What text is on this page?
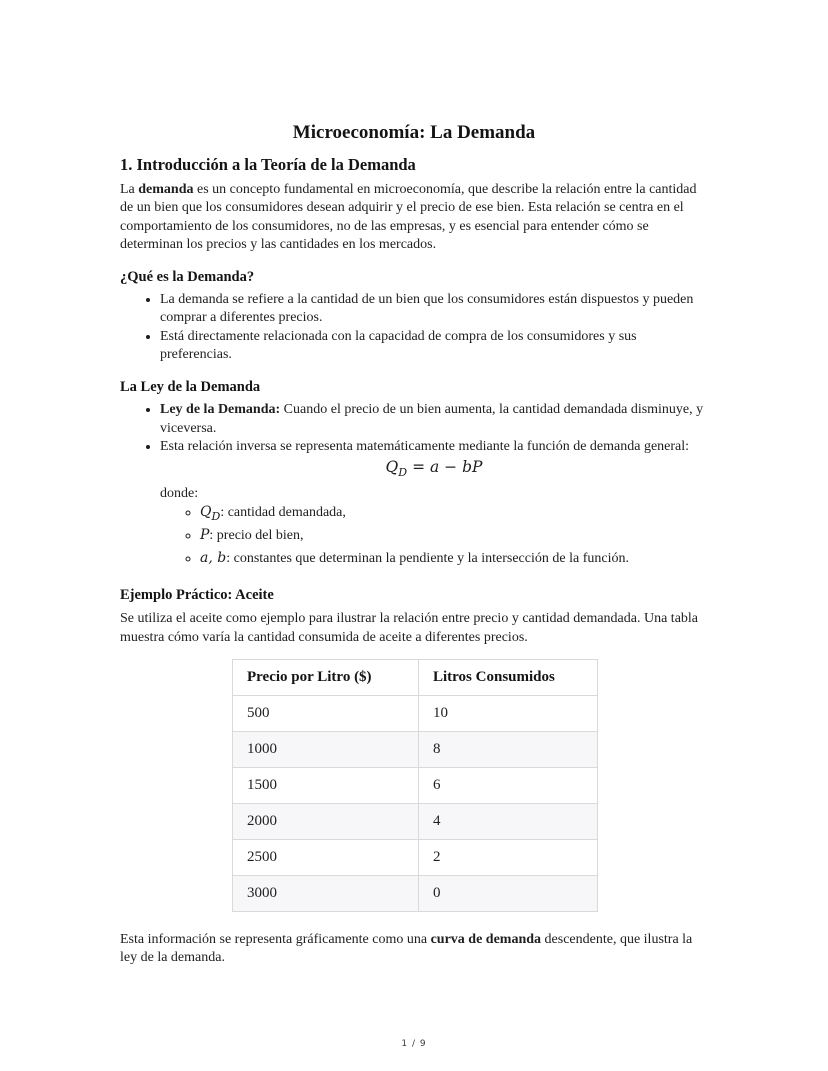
Microeconomía: La Demanda
1. Introducción a la Teoría de la Demanda

La demanda es un concepto fundamental en microeconomía, que describe la relación entre la cantidad de un bien que los consumidores desean adquirir y el precio de ese bien. Esta relación se centra en el comportamiento de los consumidores, no de las empresas, y es esencial para entender cómo se determinan los precios y las cantidades en los mercados.

¿Qué es la Demanda?
• La demanda se refiere a la cantidad de un bien que los consumidores están dispuestos y pueden comprar a diferentes precios.
• Está directamente relacionada con la capacidad de compra de los consumidores y sus preferencias.
La Ley de la Demanda
• Ley de la Demanda: Cuando el precio de un bien aumenta, la cantidad demandada disminuye, y viceversa.
• Esta relación inversa se representa matemáticamente mediante la función de demanda general:
$Q_D = a$ − bP
donde:
◦ $Q_D$: cantidad demandada,
◦ P: precio del bien,
◦ a, b: constantes que determinan la pendiente y la intersección de la función.
Ejemplo Práctico: Aceite

Se utiliza el aceite como ejemplo para ilustrar la relación entre precio y cantidad demandada. Una tabla muestra cómo varía la cantidad consumida de aceite a diferentes precios.

Precio por Litro ($)	Litros Consumidos
500	10
1000	8
1500	6
2000	4
2500	2
3000	0

Esta información se representa gráficamente como una curva de demanda descendente, que ilustra la ley de la demanda.

1 / 9
